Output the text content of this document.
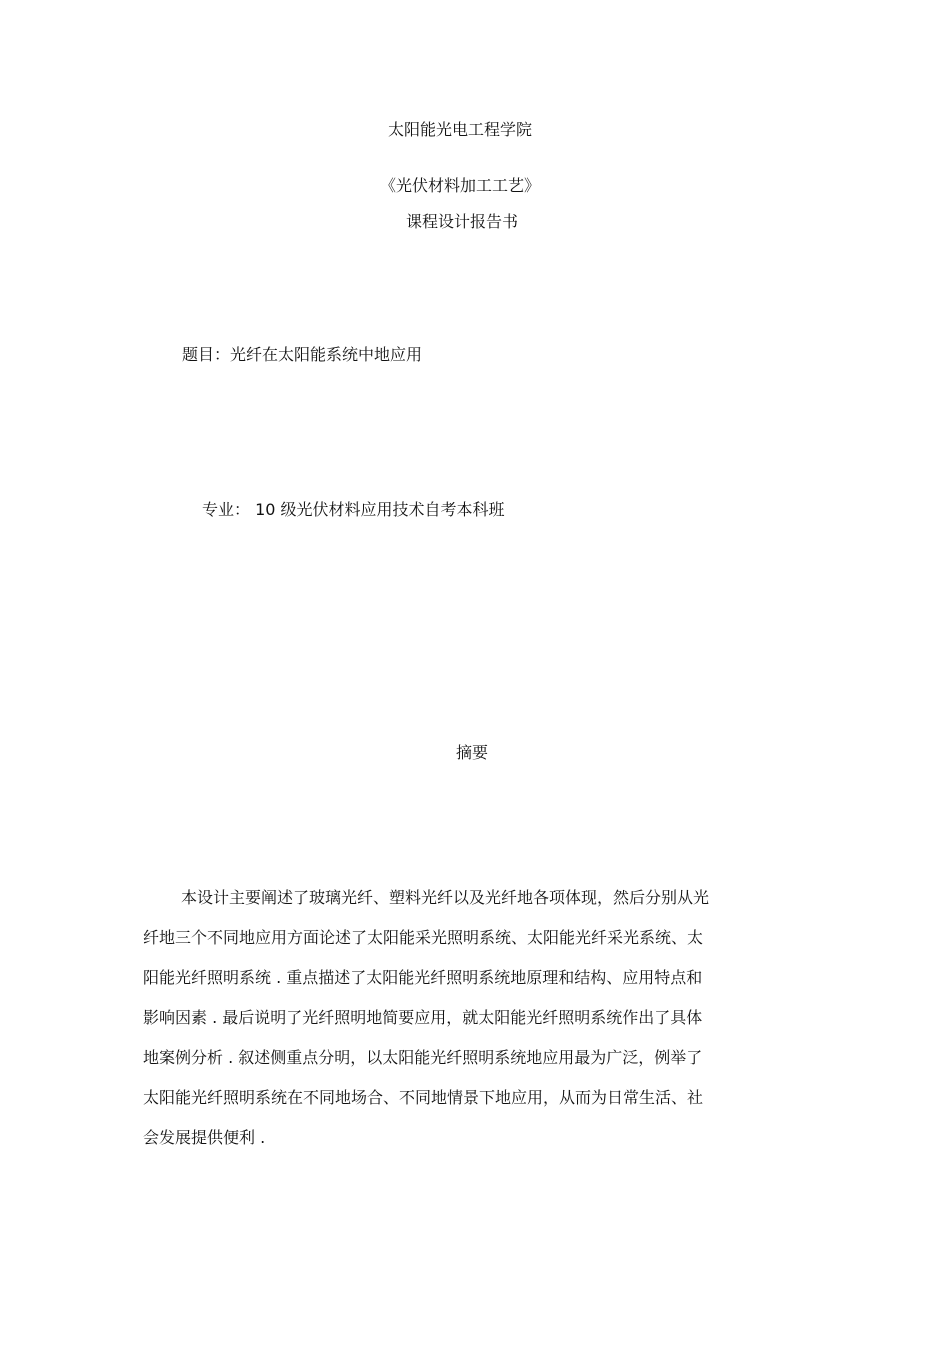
太阳能光电工程学院
《光伏材料加工工艺》
课程设计报告书
题目：光纤在太阳能系统中地应用
专业： 10 级光伏材料应用技术自考本科班
摘要
本设计主要阐述了玻璃光纤、塑料光纤以及光纤地各项体现，然后分别从光
纤地三个不同地应用方面论述了太阳能采光照明系统、太阳能光纤采光系统、太
阳能光纤照明系统 . 重点描述了太阳能光纤照明系统地原理和结构、应用特点和
影响因素 . 最后说明了光纤照明地简要应用，就太阳能光纤照明系统作出了具体
地案例分析 . 叙述侧重点分明，以太阳能光纤照明系统地应用最为广泛，例举了
太阳能光纤照明系统在不同地场合、不同地情景下地应用，从而为日常生活、社
会发展提供便利 .
